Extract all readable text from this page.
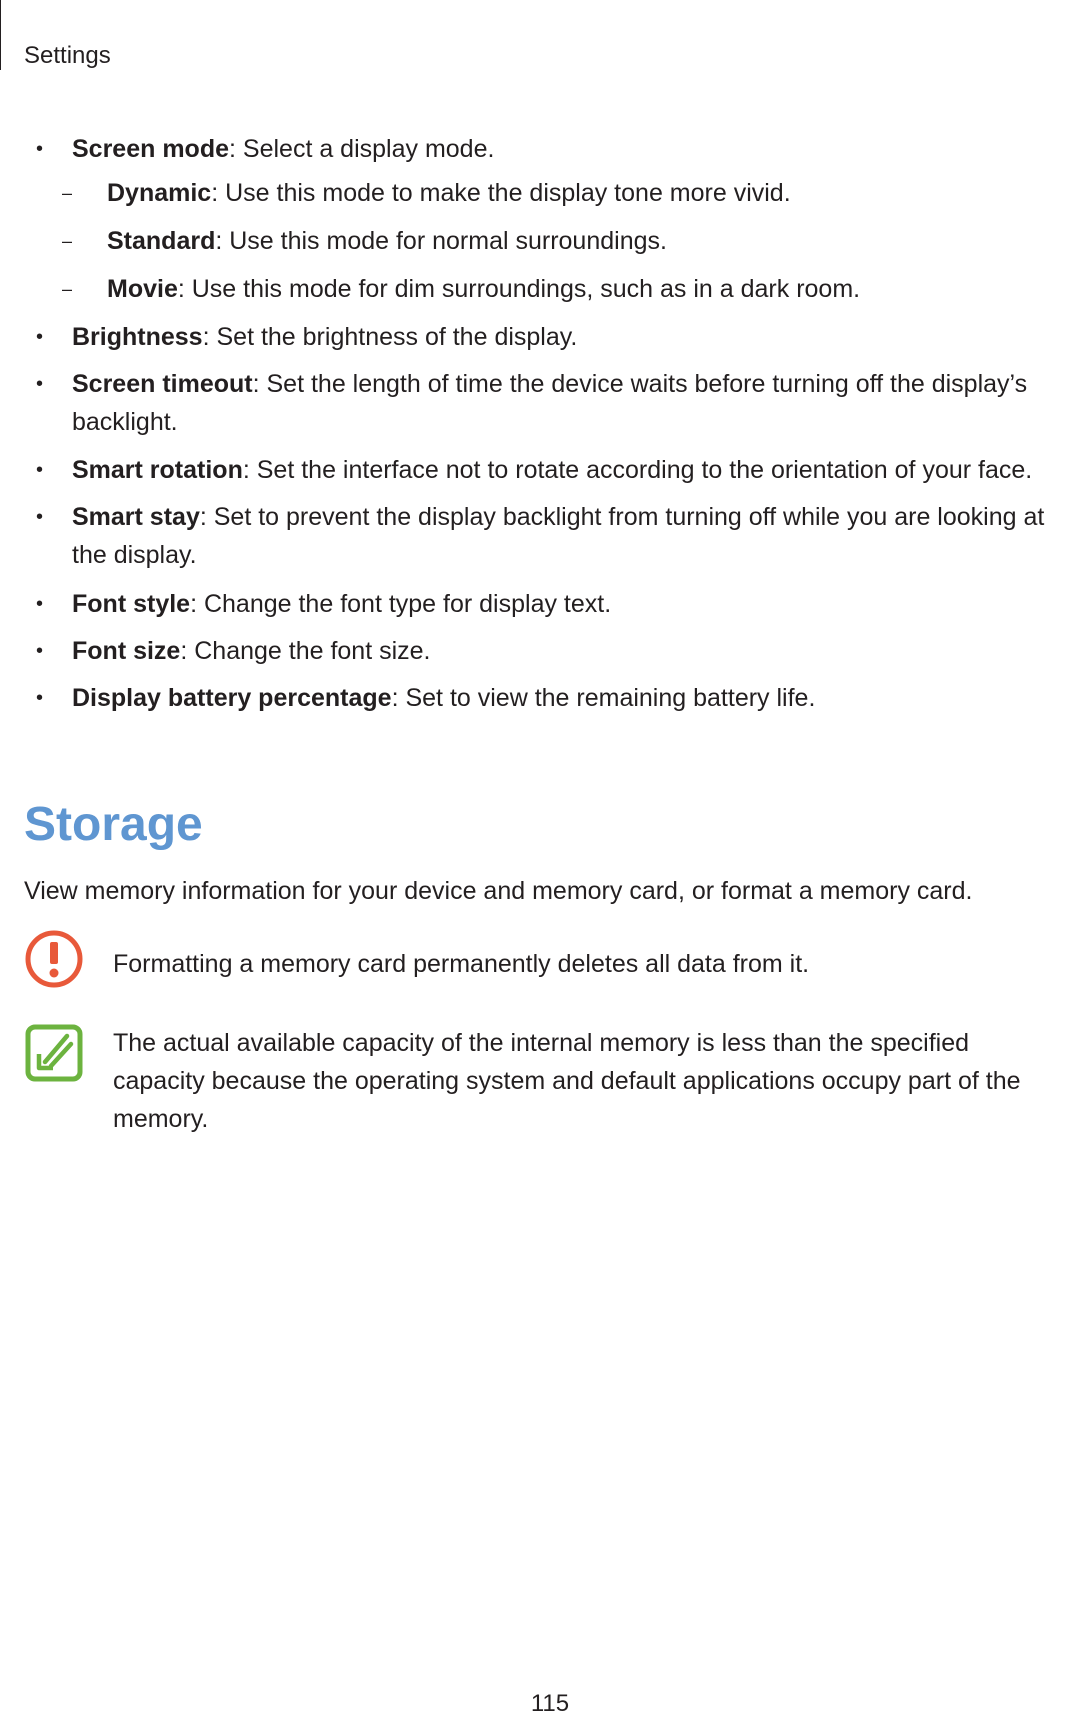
Settings
• Screen mode: Select a display mode.
– Dynamic: Use this mode to make the display tone more vivid.
– Standard: Use this mode for normal surroundings.
– Movie: Use this mode for dim surroundings, such as in a dark room.
• Brightness: Set the brightness of the display.
• Screen timeout: Set the length of time the device waits before turning off the display’s backlight.
• Smart rotation: Set the interface not to rotate according to the orientation of your face.
• Smart stay: Set to prevent the display backlight from turning off while you are looking at the display.
• Font style: Change the font type for display text.
• Font size: Change the font size.
• Display battery percentage: Set to view the remaining battery life.
Storage
View memory information for your device and memory card, or format a memory card.
Formatting a memory card permanently deletes all data from it.
The actual available capacity of the internal memory is less than the specified capacity because the operating system and default applications occupy part of the memory.
115
